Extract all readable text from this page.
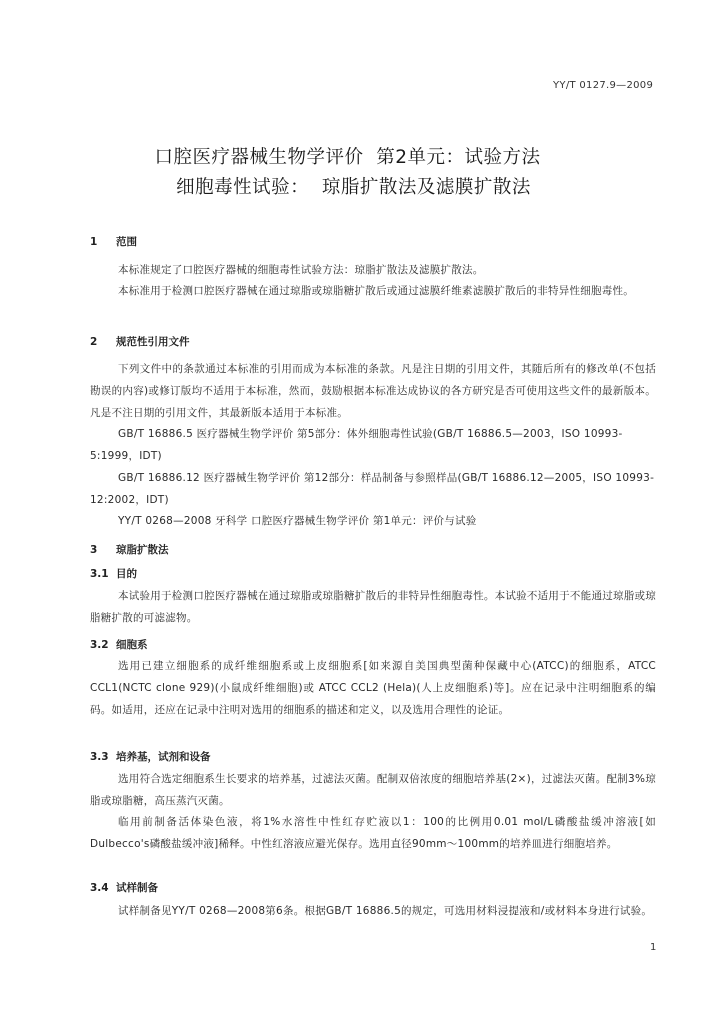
YY/T 0127.9—2009
口腔医疗器械生物学评价  第2单元：试验方法
细胞毒性试验：  琼脂扩散法及滤膜扩散法
1 范围
本标准规定了口腔医疗器械的细胞毒性试验方法：琼脂扩散法及滤膜扩散法。
本标准用于检测口腔医疗器械在通过琼脂或琼脂糖扩散后或通过滤膜纤维素滤膜扩散后的非特异性细胞毒性。
2 规范性引用文件
下列文件中的条款通过本标准的引用而成为本标准的条款。凡是注日期的引用文件，其随后所有的修改单(不包括勘误的内容)或修订版均不适用于本标准，然而，鼓励根据本标准达成协议的各方研究是否可使用这些文件的最新版本。凡是不注日期的引用文件，其最新版本适用于本标准。
GB/T 16886.5 医疗器械生物学评价 第5部分：体外细胞毒性试验(GB/T 16886.5—2003，ISO 10993-5:1999，IDT)
GB/T 16886.12 医疗器械生物学评价 第12部分：样品制备与参照样品(GB/T 16886.12—2005，ISO 10993-12:2002，IDT)
YY/T 0268—2008 牙科学 口腔医疗器械生物学评价 第1单元：评价与试验
3 琼脂扩散法
3.1 目的
本试验用于检测口腔医疗器械在通过琼脂或琼脂糖扩散后的非特异性细胞毒性。本试验不适用于不能通过琼脂或琼脂糖扩散的可滤滤物。
3.2 细胞系
选用已建立细胞系的成纤维细胞系或上皮细胞系[如来源自美国典型菌种保藏中心(ATCC)的细胞系，ATCC CCL1(NCTC clone 929)(小鼠成纤维细胞)或 ATCC CCL2 (Hela)(人上皮细胞系)等]。应在记录中注明细胞系的编码。如适用，还应在记录中注明对选用的细胞系的描述和定义，以及选用合理性的论证。
3.3 培养基，试剂和设备
选用符合选定细胞系生长要求的培养基，过滤法灭菌。配制双倍浓度的细胞培养基(2×)，过滤法灭菌。配制3%琼脂或琼脂糖，高压蒸汽灭菌。
临用前制备活体染色液，将1%水溶性中性红存贮液以1：100的比例用0.01 mol/L磷酸盐缓冲溶液[如Dulbecco's磷酸盐缓冲液]稀释。中性红溶液应避光保存。选用直径90mm～100mm的培养皿进行细胞培养。
3.4 试样制备
试样制备见YY/T 0268—2008第6条。根据GB/T 16886.5的规定，可选用材料浸提液和/或材料本身进行试验。
1
